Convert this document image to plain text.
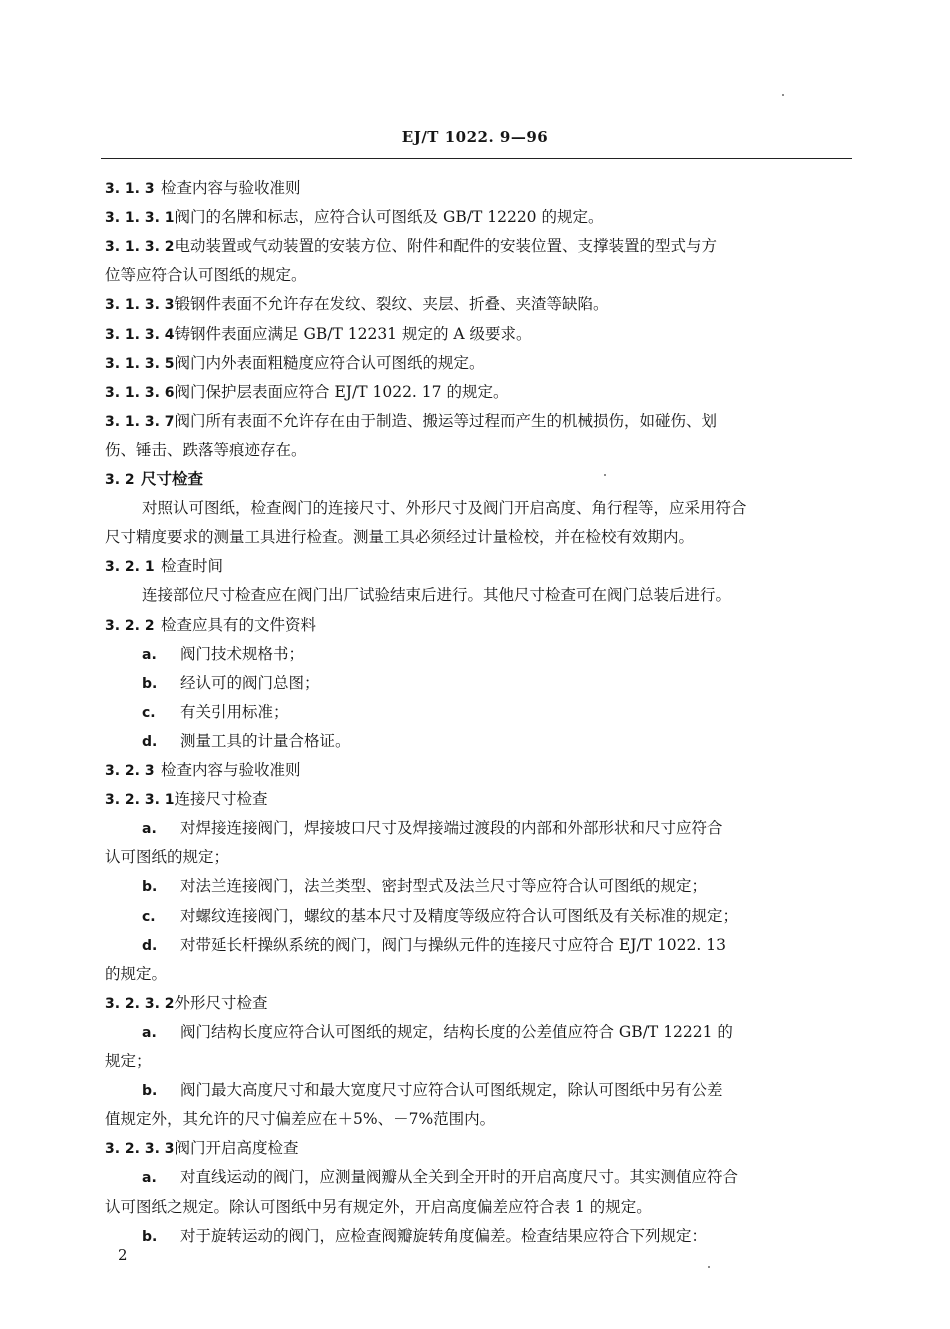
EJ/T 1022. 9—96
3. 1. 3 检查内容与验收准则
3. 1. 3. 1阀门的名牌和标志，应符合认可图纸及 GB/T 12220 的规定。
3. 1. 3. 2电动装置或气动装置的安装方位、附件和配件的安装位置、支撑装置的型式与方
位等应符合认可图纸的规定。
3. 1. 3. 3锻钢件表面不允许存在发纹、裂纹、夹层、折叠、夹渣等缺陷。
3. 1. 3. 4铸钢件表面应满足 GB/T 12231 规定的 A 级要求。
3. 1. 3. 5阀门内外表面粗糙度应符合认可图纸的规定。
3. 1. 3. 6阀门保护层表面应符合 EJ/T 1022. 17 的规定。
3. 1. 3. 7阀门所有表面不允许存在由于制造、搬运等过程而产生的机械损伤，如碰伤、划
伤、锤击、跌落等痕迹存在。
3. 2 尺寸检查
对照认可图纸，检查阀门的连接尺寸、外形尺寸及阀门开启高度、角行程等，应采用符合
尺寸精度要求的测量工具进行检查。测量工具必须经过计量检校，并在检校有效期内。
3. 2. 1 检查时间
连接部位尺寸检查应在阀门出厂试验结束后进行。其他尺寸检查可在阀门总装后进行。
3. 2. 2 检查应具有的文件资料
a. 阀门技术规格书；
b. 经认可的阀门总图；
c. 有关引用标准；
d. 测量工具的计量合格证。
3. 2. 3 检查内容与验收准则
3. 2. 3. 1连接尺寸检查
a. 对焊接连接阀门，焊接坡口尺寸及焊接端过渡段的内部和外部形状和尺寸应符合
认可图纸的规定；
b. 对法兰连接阀门，法兰类型、密封型式及法兰尺寸等应符合认可图纸的规定；
c. 对螺纹连接阀门，螺纹的基本尺寸及精度等级应符合认可图纸及有关标准的规定；
d. 对带延长杆操纵系统的阀门，阀门与操纵元件的连接尺寸应符合 EJ/T 1022. 13
的规定。
3. 2. 3. 2外形尺寸检查
a. 阀门结构长度应符合认可图纸的规定，结构长度的公差值应符合 GB/T 12221 的
规定；
b. 阀门最大高度尺寸和最大宽度尺寸应符合认可图纸规定，除认可图纸中另有公差
值规定外，其允许的尺寸偏差应在＋5%、－7%范围内。
3. 2. 3. 3阀门开启高度检查
a. 对直线运动的阀门，应测量阀瓣从全关到全开时的开启高度尺寸。其实测值应符合
认可图纸之规定。除认可图纸中另有规定外，开启高度偏差应符合表 1 的规定。
b. 对于旋转运动的阀门，应检查阀瓣旋转角度偏差。检查结果应符合下列规定：
2
